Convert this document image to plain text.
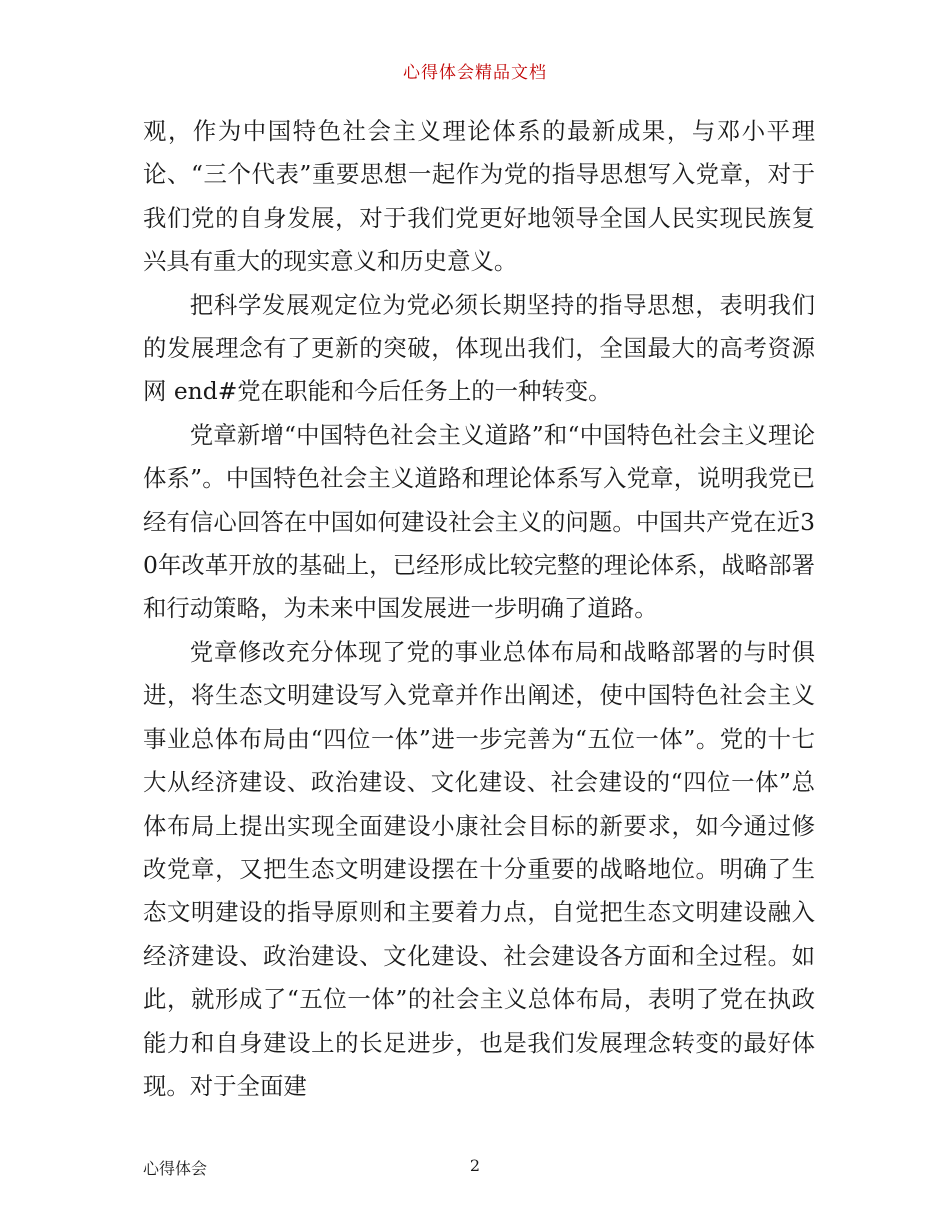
心得体会精品文档

观，作为中国特色社会主义理论体系的最新成果，与邓小平理论、“三个代表”重要思想一起作为党的指导思想写入党章，对于我们党的自身发展，对于我们党更好地领导全国人民实现民族复兴具有重大的现实意义和历史意义。

把科学发展观定位为党必须长期坚持的指导思想，表明我们的发展理念有了更新的突破，体现出我们，全国最大的高考资源网 end#党在职能和今后任务上的一种转变。

党章新增“中国特色社会主义道路”和“中国特色社会主义理论体系”。中国特色社会主义道路和理论体系写入党章，说明我党已经有信心回答在中国如何建设社会主义的问题。中国共产党在近30年改革开放的基础上，已经形成比较完整的理论体系，战略部署和行动策略，为未来中国发展进一步明确了道路。

党章修改充分体现了党的事业总体布局和战略部署的与时俱进，将生态文明建设写入党章并作出阐述，使中国特色社会主义事业总体布局由“四位一体”进一步完善为“五位一体”。党的十七大从经济建设、政治建设、文化建设、社会建设的“四位一体”总体布局上提出实现全面建设小康社会目标的新要求，如今通过修改党章，又把生态文明建设摆在十分重要的战略地位。明确了生态文明建设的指导原则和主要着力点，自觉把生态文明建设融入经济建设、政治建设、文化建设、社会建设各方面和全过程。如此，就形成了“五位一体”的社会主义总体布局，表明了党在执政能力和自身建设上的长足进步，也是我们发展理念转变的最好体现。对于全面建

心得体会	2
